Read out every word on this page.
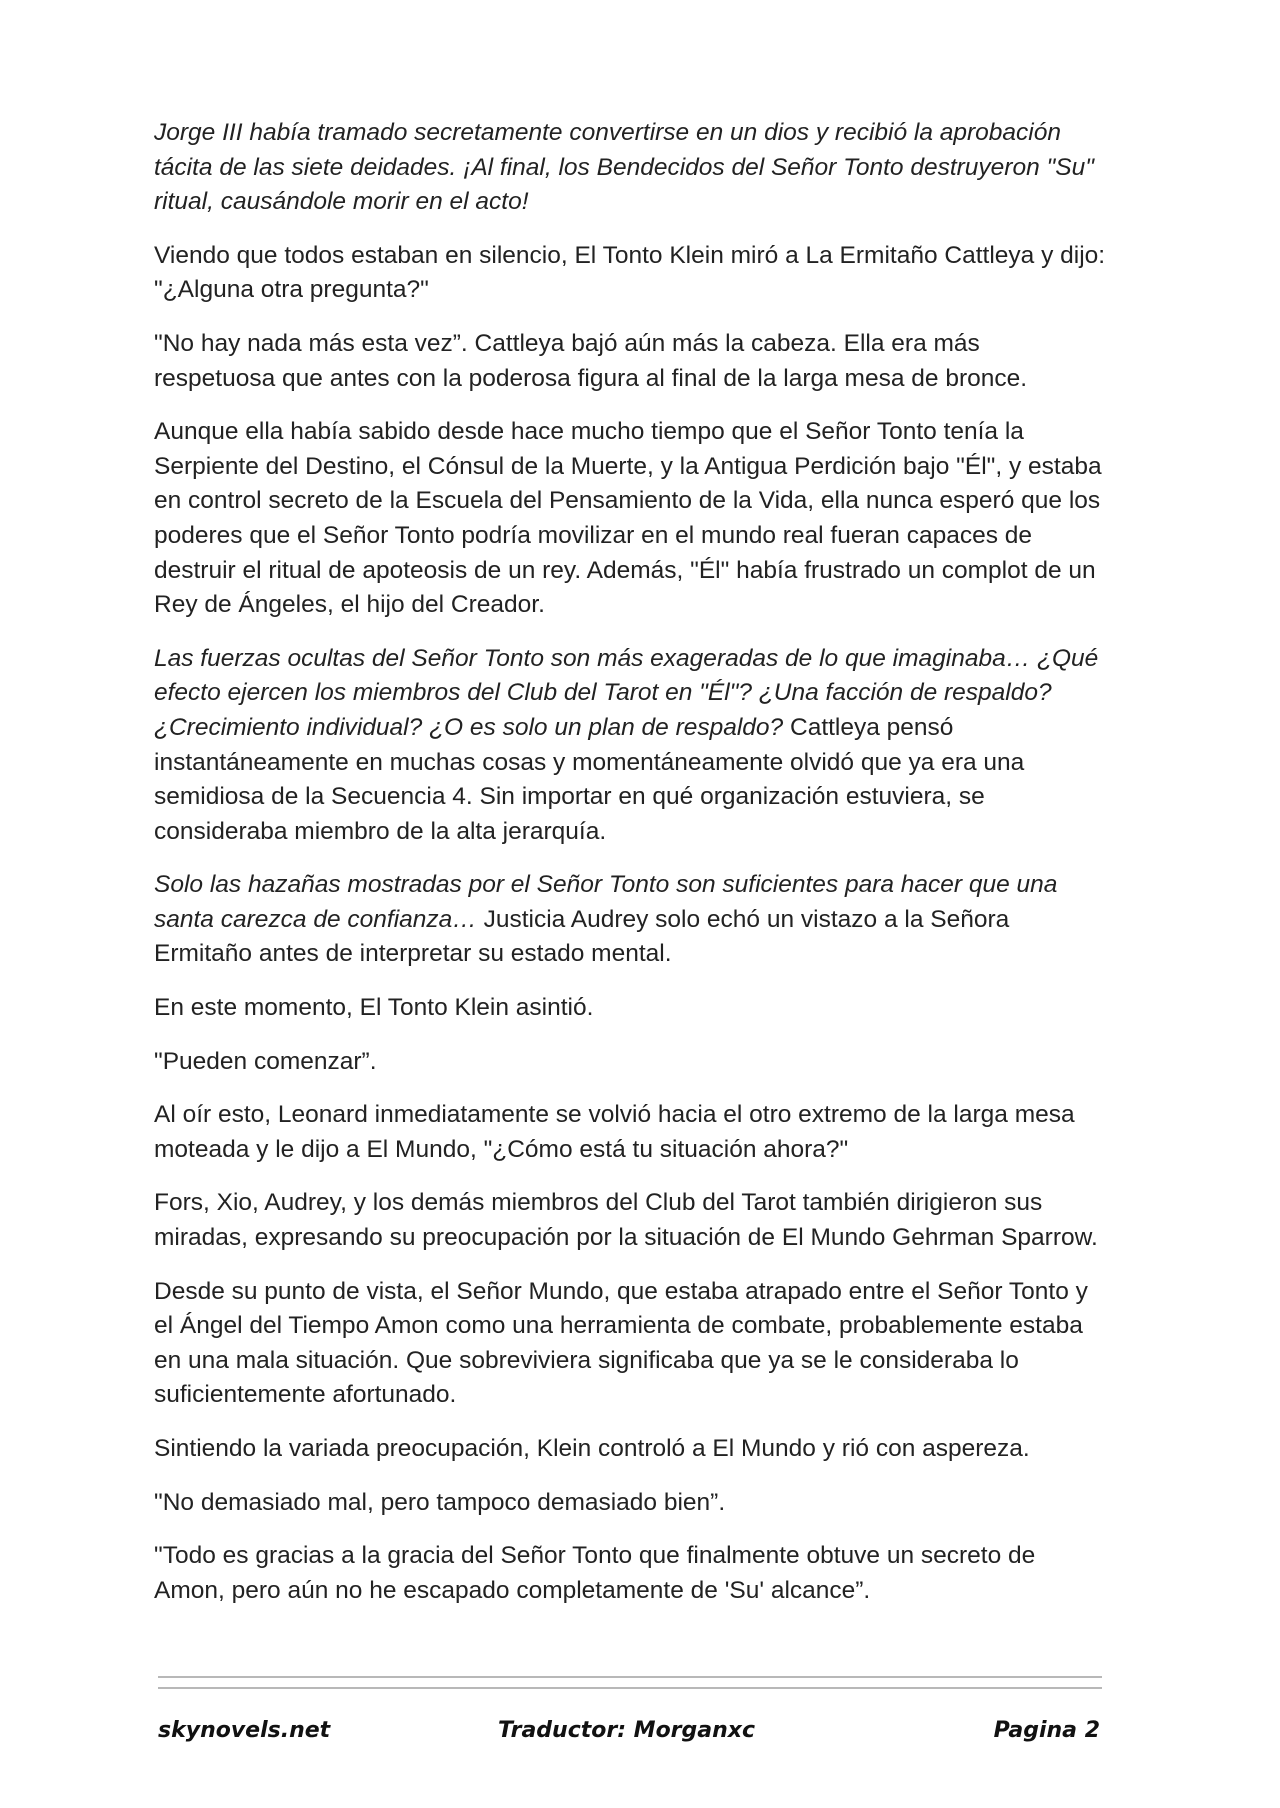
Jorge III había tramado secretamente convertirse en un dios y recibió la aprobación tácita de las siete deidades. ¡Al final, los Bendecidos del Señor Tonto destruyeron "Su" ritual, causándole morir en el acto!

Viendo que todos estaban en silencio, El Tonto Klein miró a La Ermitaño Cattleya y dijo: "¿Alguna otra pregunta?"

"No hay nada más esta vez”. Cattleya bajó aún más la cabeza. Ella era más respetuosa que antes con la poderosa figura al final de la larga mesa de bronce.

Aunque ella había sabido desde hace mucho tiempo que el Señor Tonto tenía la Serpiente del Destino, el Cónsul de la Muerte, y la Antigua Perdición bajo "Él", y estaba en control secreto de la Escuela del Pensamiento de la Vida, ella nunca esperó que los poderes que el Señor Tonto podría movilizar en el mundo real fueran capaces de destruir el ritual de apoteosis de un rey. Además, "Él" había frustrado un complot de un Rey de Ángeles, el hijo del Creador.

Las fuerzas ocultas del Señor Tonto son más exageradas de lo que imaginaba… ¿Qué efecto ejercen los miembros del Club del Tarot en "Él"? ¿Una facción de respaldo? ¿Crecimiento individual? ¿O es solo un plan de respaldo? Cattleya pensó instantáneamente en muchas cosas y momentáneamente olvidó que ya era una semidiosa de la Secuencia 4. Sin importar en qué organización estuviera, se consideraba miembro de la alta jerarquía.

Solo las hazañas mostradas por el Señor Tonto son suficientes para hacer que una santa carezca de confianza… Justicia Audrey solo echó un vistazo a la Señora Ermitaño antes de interpretar su estado mental.

En este momento, El Tonto Klein asintió.

"Pueden comenzar”.

Al oír esto, Leonard inmediatamente se volvió hacia el otro extremo de la larga mesa moteada y le dijo a El Mundo, "¿Cómo está tu situación ahora?"

Fors, Xio, Audrey, y los demás miembros del Club del Tarot también dirigieron sus miradas, expresando su preocupación por la situación de El Mundo Gehrman Sparrow.

Desde su punto de vista, el Señor Mundo, que estaba atrapado entre el Señor Tonto y el Ángel del Tiempo Amon como una herramienta de combate, probablemente estaba en una mala situación. Que sobreviviera significaba que ya se le consideraba lo suficientemente afortunado.

Sintiendo la variada preocupación, Klein controló a El Mundo y rió con aspereza.

"No demasiado mal, pero tampoco demasiado bien”.

"Todo es gracias a la gracia del Señor Tonto que finalmente obtuve un secreto de Amon, pero aún no he escapado completamente de 'Su' alcance”.

skynovels.net	Traductor: Morganxc	Pagina 2
